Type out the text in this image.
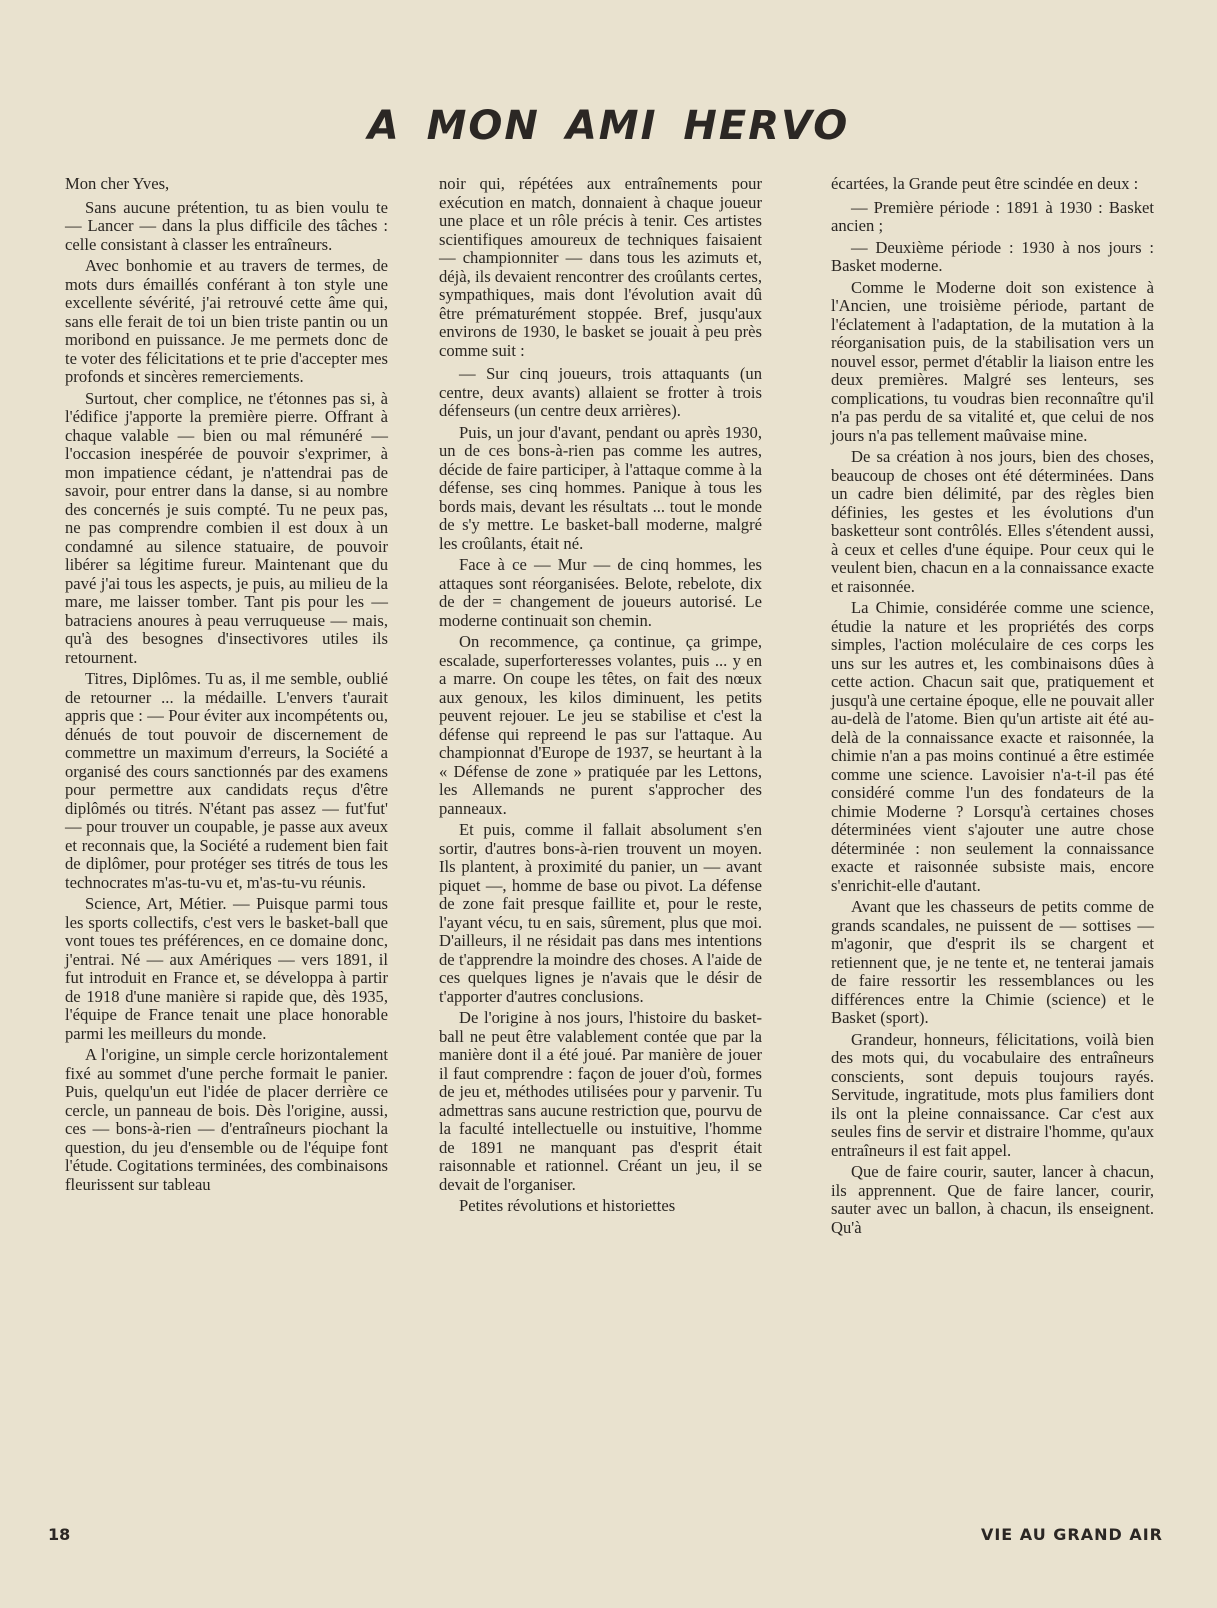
A MON AMI HERVO

Mon cher Yves,

Sans aucune prétention, tu as bien voulu te — Lancer — dans la plus difficile des tâches : celle consistant à classer les entraîneurs.

Avec bonhomie et au travers de termes, de mots durs émaillés conférant à ton style une excellente sévérité, j'ai retrouvé cette âme qui, sans elle ferait de toi un bien triste pantin ou un moribond en puissance. Je me permets donc de te voter des félicitations et te prie d'accepter mes profonds et sincères remerciements.

Surtout, cher complice, ne t'étonnes pas si, à l'édifice j'apporte la première pierre. Offrant à chaque valable — bien ou mal rémunéré — l'occasion inespérée de pouvoir s'exprimer, à mon impatience cédant, je n'attendrai pas de savoir, pour entrer dans la danse, si au nombre des concernés je suis compté. Tu ne peux pas, ne pas comprendre combien il est doux à un condamné au silence statuaire, de pouvoir libérer sa légitime fureur. Maintenant que du pavé j'ai tous les aspects, je puis, au milieu de la mare, me laisser tomber. Tant pis pour les — batraciens anoures à peau verruqueuse — mais, qu'à des besognes d'insectivores utiles ils retournent.

Titres, Diplômes. Tu as, il me semble, oublié de retourner ... la médaille. L'envers t'aurait appris que : — Pour éviter aux incompétents ou, dénués de tout pouvoir de discernement de commettre un maximum d'erreurs, la Société a organisé des cours sanctionnés par des examens pour permettre aux candidats reçus d'être diplômés ou titrés. N'étant pas assez — fut'fut' — pour trouver un coupable, je passe aux aveux et reconnais que, la Société a rudement bien fait de diplômer, pour protéger ses titrés de tous les technocrates m'as-tu-vu et, m'as-tu-vu réunis.

Science, Art, Métier. — Puisque parmi tous les sports collectifs, c'est vers le basket-ball que vont toues tes préférences, en ce domaine donc, j'entrai. Né — aux Amériques — vers 1891, il fut introduit en France et, se développa à partir de 1918 d'une manière si rapide que, dès 1935, l'équipe de France tenait une place honorable parmi les meilleurs du monde.

A l'origine, un simple cercle horizontalement fixé au sommet d'une perche formait le panier. Puis, quelqu'un eut l'idée de placer derrière ce cercle, un panneau de bois. Dès l'origine, aussi, ces — bons-à-rien — d'entraîneurs piochant la question, du jeu d'ensemble ou de l'équipe font l'étude. Cogitations terminées, des combinaisons fleurissent sur tableau

noir qui, répétées aux entraînements pour exécution en match, donnaient à chaque joueur une place et un rôle précis à tenir. Ces artistes scientifiques amoureux de techniques faisaient — championniter — dans tous les azimuts et, déjà, ils devaient rencontrer des croûlants certes, sympathiques, mais dont l'évolution avait dû être prématurément stoppée. Bref, jusqu'aux environs de 1930, le basket se jouait à peu près comme suit :

— Sur cinq joueurs, trois attaquants (un centre, deux avants) allaient se frotter à trois défenseurs (un centre deux arrières).

Puis, un jour d'avant, pendant ou après 1930, un de ces bons-à-rien pas comme les autres, décide de faire participer, à l'attaque comme à la défense, ses cinq hommes. Panique à tous les bords mais, devant les résultats ... tout le monde de s'y mettre. Le basket-ball moderne, malgré les croûlants, était né.

Face à ce — Mur — de cinq hommes, les attaques sont réorganisées. Belote, rebelote, dix de der = changement de joueurs autorisé. Le moderne continuait son chemin.

On recommence, ça continue, ça grimpe, escalade, superforteresses volantes, puis ... y en a marre. On coupe les têtes, on fait des nœux aux genoux, les kilos diminuent, les petits peuvent rejouer. Le jeu se stabilise et c'est la défense qui repreend le pas sur l'attaque. Au championnat d'Europe de 1937, se heurtant à la « Défense de zone » pratiquée par les Lettons, les Allemands ne purent s'approcher des panneaux.

Et puis, comme il fallait absolument s'en sortir, d'autres bons-à-rien trouvent un moyen. Ils plantent, à proximité du panier, un — avant piquet —, homme de base ou pivot. La défense de zone fait presque faillite et, pour le reste, l'ayant vécu, tu en sais, sûrement, plus que moi. D'ailleurs, il ne résidait pas dans mes intentions de t'apprendre la moindre des choses. A l'aide de ces quelques lignes je n'avais que le désir de t'apporter d'autres conclusions.

De l'origine à nos jours, l'histoire du basket-ball ne peut être valablement contée que par la manière dont il a été joué. Par manière de jouer il faut comprendre : façon de jouer d'où, formes de jeu et, méthodes utilisées pour y parvenir. Tu admettras sans aucune restriction que, pourvu de la faculté intellectuelle ou instuitive, l'homme de 1891 ne manquant pas d'esprit était raisonnable et rationnel. Créant un jeu, il se devait de l'organiser.

Petites révolutions et historiettes

écartées, la Grande peut être scindée en deux :

— Première période : 1891 à 1930 : Basket ancien ;

— Deuxième période : 1930 à nos jours : Basket moderne.

Comme le Moderne doit son existence à l'Ancien, une troisième période, partant de l'éclatement à l'adaptation, de la mutation à la réorganisation puis, de la stabilisation vers un nouvel essor, permet d'établir la liaison entre les deux premières. Malgré ses lenteurs, ses complications, tu voudras bien reconnaître qu'il n'a pas perdu de sa vitalité et, que celui de nos jours n'a pas tellement maûvaise mine.

De sa création à nos jours, bien des choses, beaucoup de choses ont été déterminées. Dans un cadre bien délimité, par des règles bien définies, les gestes et les évolutions d'un basketteur sont contrôlés. Elles s'étendent aussi, à ceux et celles d'une équipe. Pour ceux qui le veulent bien, chacun en a la connaissance exacte et raisonnée.

La Chimie, considérée comme une science, étudie la nature et les propriétés des corps simples, l'action moléculaire de ces corps les uns sur les autres et, les combinaisons dûes à cette action. Chacun sait que, pratiquement et jusqu'à une certaine époque, elle ne pouvait aller au-delà de l'atome. Bien qu'un artiste ait été au-delà de la connaissance exacte et raisonnée, la chimie n'an a pas moins continué a être estimée comme une science. Lavoisier n'a-t-il pas été considéré comme l'un des fondateurs de la chimie Moderne ? Lorsqu'à certaines choses déterminées vient s'ajouter une autre chose déterminée : non seulement la connaissance exacte et raisonnée subsiste mais, encore s'enrichit-elle d'autant.

Avant que les chasseurs de petits comme de grands scandales, ne puissent de — sottises — m'agonir, que d'esprit ils se chargent et retiennent que, je ne tente et, ne tenterai jamais de faire ressortir les ressemblances ou les différences entre la Chimie (science) et le Basket (sport).

Grandeur, honneurs, félicitations, voilà bien des mots qui, du vocabulaire des entraîneurs conscients, sont depuis toujours rayés. Servitude, ingratitude, mots plus familiers dont ils ont la pleine connaissance. Car c'est aux seules fins de servir et distraire l'homme, qu'aux entraîneurs il est fait appel.

Que de faire courir, sauter, lancer à chacun, ils apprennent. Que de faire lancer, courir, sauter avec un ballon, à chacun, ils enseignent. Qu'à

18	VIE AU GRAND AIR
